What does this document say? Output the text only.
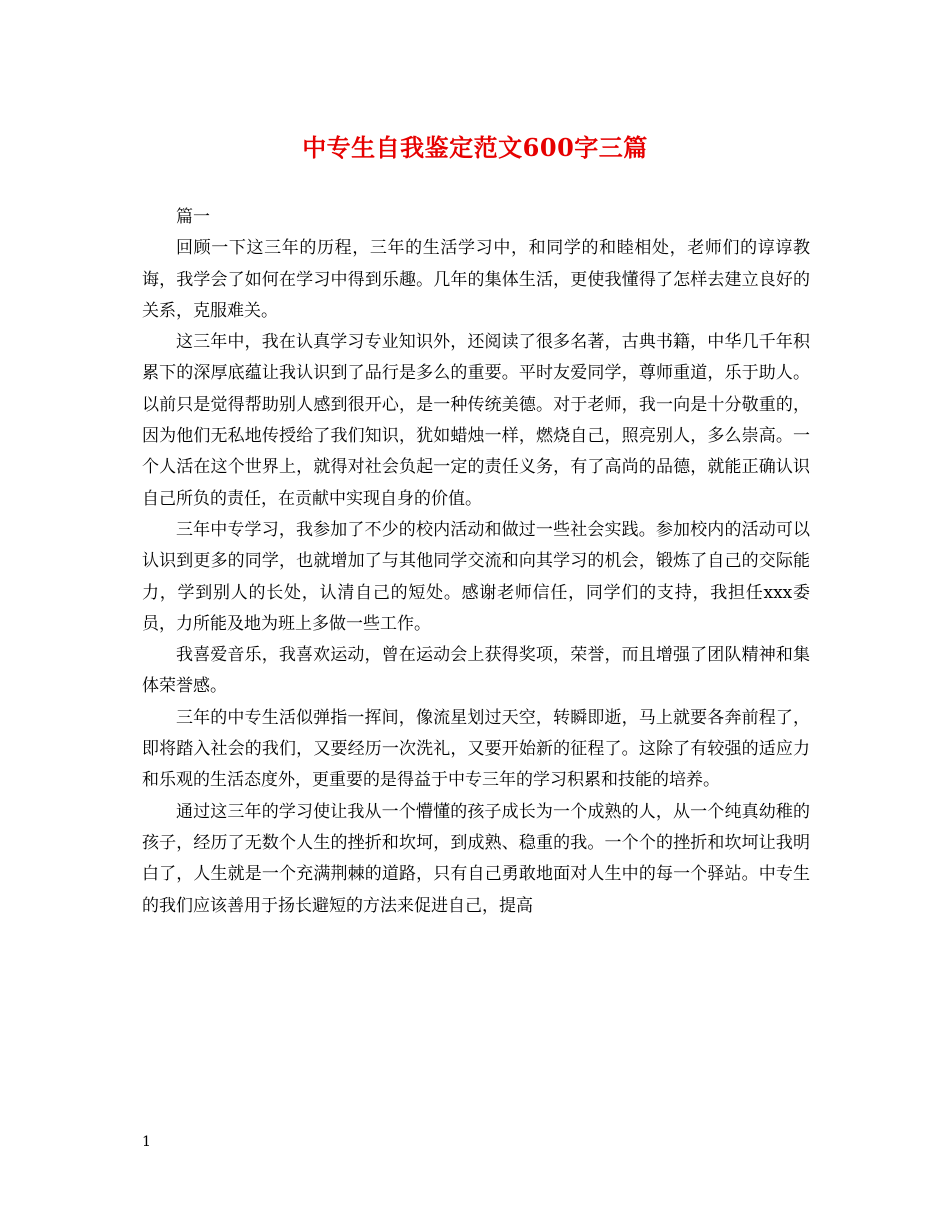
中专生自我鉴定范文600字三篇

篇一

回顾一下这三年的历程，三年的生活学习中，和同学的和睦相处，老师们的谆谆教诲，我学会了如何在学习中得到乐趣。几年的集体生活，更使我懂得了怎样去建立良好的关系，克服难关。

这三年中，我在认真学习专业知识外，还阅读了很多名著，古典书籍，中华几千年积累下的深厚底蕴让我认识到了品行是多么的重要。平时友爱同学，尊师重道，乐于助人。以前只是觉得帮助别人感到很开心，是一种传统美德。对于老师，我一向是十分敬重的，因为他们无私地传授给了我们知识，犹如蜡烛一样，燃烧自己，照亮别人，多么崇高。一个人活在这个世界上，就得对社会负起一定的责任义务，有了高尚的品德，就能正确认识自己所负的责任，在贡献中实现自身的价值。

三年中专学习，我参加了不少的校内活动和做过一些社会实践。参加校内的活动可以认识到更多的同学，也就增加了与其他同学交流和向其学习的机会，锻炼了自己的交际能力，学到别人的长处，认清自己的短处。感谢老师信任，同学们的支持，我担任xxx委员，力所能及地为班上多做一些工作。

我喜爱音乐，我喜欢运动，曾在运动会上获得奖项，荣誉，而且增强了团队精神和集体荣誉感。

三年的中专生活似弹指一挥间，像流星划过天空，转瞬即逝，马上就要各奔前程了，即将踏入社会的我们，又要经历一次洗礼，又要开始新的征程了。这除了有较强的适应力和乐观的生活态度外，更重要的是得益于中专三年的学习积累和技能的培养。

通过这三年的学习使让我从一个懵懂的孩子成长为一个成熟的人，从一个纯真幼稚的孩子，经历了无数个人生的挫折和坎坷，到成熟、稳重的我。一个个的挫折和坎坷让我明白了，人生就是一个充满荆棘的道路，只有自己勇敢地面对人生中的每一个驿站。中专生的我们应该善用于扬长避短的方法来促进自己，提高

1
